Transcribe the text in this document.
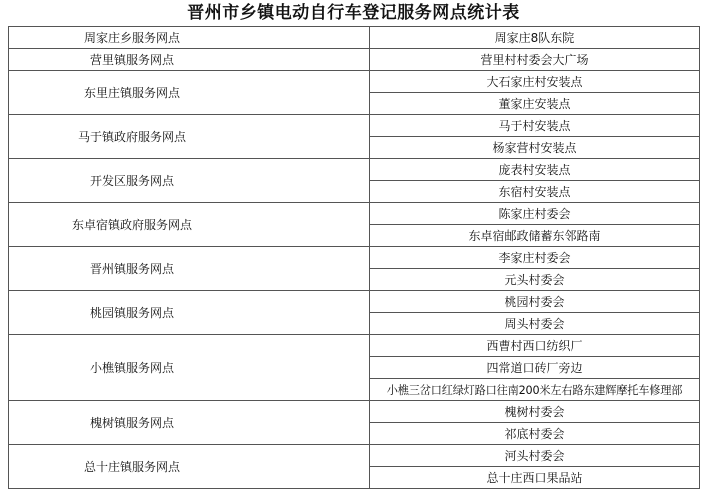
晋州市乡镇电动自行车登记服务网点统计表
周家庄乡服务网点	周家庄8队东院
营里镇服务网点	营里村村委会大广场
东里庄镇服务网点	大石家庄村安装点
	董家庄安装点
马于镇政府服务网点	马于村安装点
	杨家营村安装点
开发区服务网点	庞表村安装点
	东宿村安装点
东卓宿镇政府服务网点	陈家庄村委会
	东卓宿邮政储蓄东邻路南
晋州镇服务网点	李家庄村委会
	元头村委会
桃园镇服务网点	桃园村委会
	周头村委会
小樵镇服务网点	西曹村西口纺织厂
	四常道口砖厂旁边
	小樵三岔口红绿灯路口往南200米左右路东建辉摩托车修理部
槐树镇服务网点	槐树村委会
	祁底村委会
总十庄镇服务网点	河头村委会
	总十庄西口果品站
